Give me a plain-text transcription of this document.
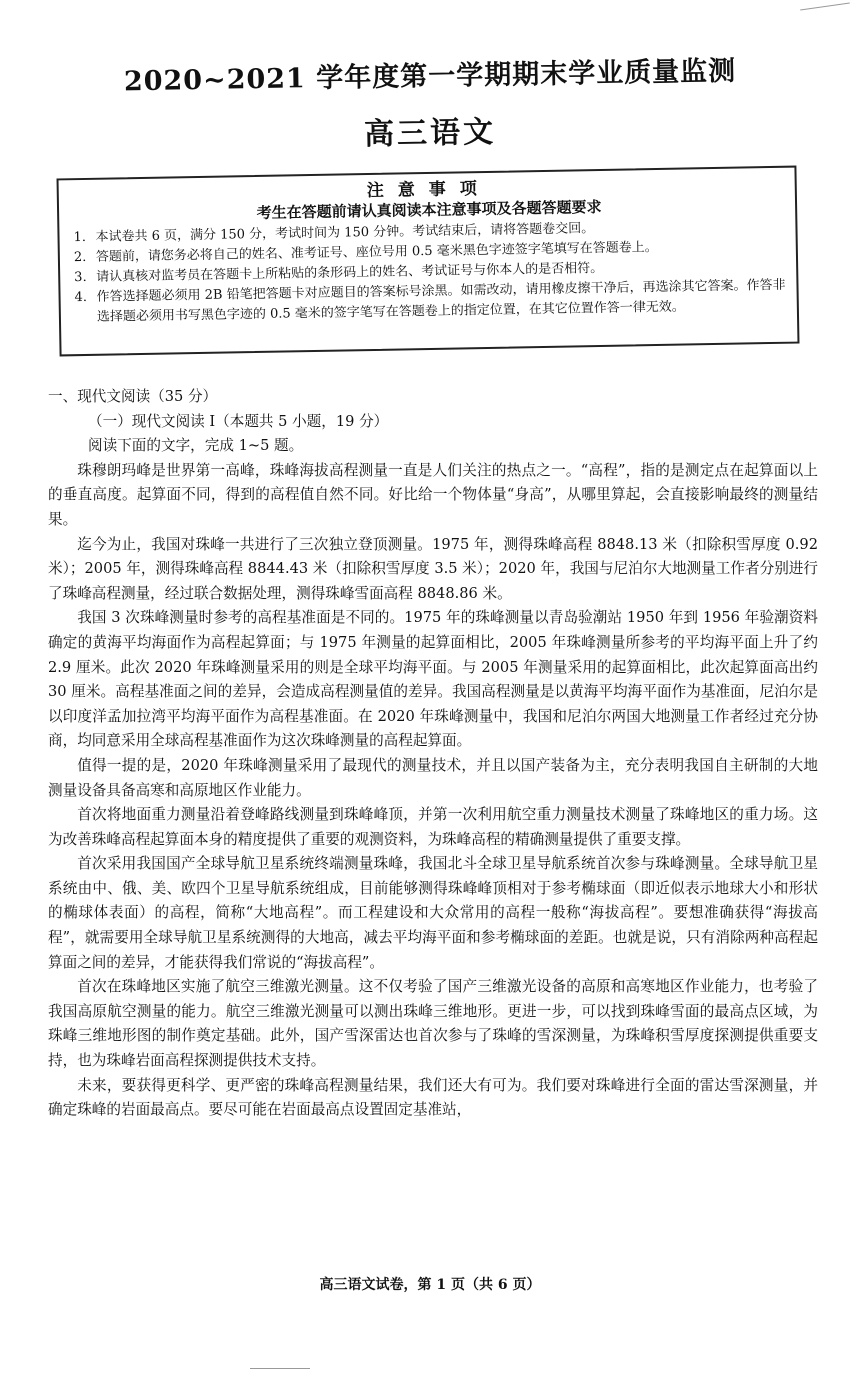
2020~2021 学年度第一学期期末学业质量监测
高三语文

注意事项

考生在答题前请认真阅读本注意事项及各题答题要求

1. 本试卷共 6 页，满分 150 分，考试时间为 150 分钟。考试结束后，请将答题卷交回。
2. 答题前，请您务必将自己的姓名、准考证号、座位号用 0.5 毫米黑色字迹签字笔填写在答题卷上。
3. 请认真核对监考员在答题卡上所粘贴的条形码上的姓名、考试证号与你本人的是否相符。
4. 作答选择题必须用 2B 铅笔把答题卡对应题目的答案标号涂黑。如需改动，请用橡皮擦干净后，再选涂其它答案。作答非选择题必须用书写黑色字迹的 0.5 毫米的签字笔写在答题卷上的指定位置，在其它位置作答一律无效。

一、现代文阅读（35 分）

（一）现代文阅读 I（本题共 5 小题，19 分）

阅读下面的文字，完成 1~5 题。

珠穆朗玛峰是世界第一高峰，珠峰海拔高程测量一直是人们关注的热点之一。“高程”，指的是测定点在起算面以上的垂直高度。起算面不同，得到的高程值自然不同。好比给一个物体量“身高”，从哪里算起，会直接影响最终的测量结果。

迄今为止，我国对珠峰一共进行了三次独立登顶测量。1975 年，测得珠峰高程 8848.13 米（扣除积雪厚度 0.92 米）；2005 年，测得珠峰高程 8844.43 米（扣除积雪厚度 3.5 米）；2020 年，我国与尼泊尔大地测量工作者分别进行了珠峰高程测量，经过联合数据处理，测得珠峰雪面高程 8848.86 米。

我国 3 次珠峰测量时参考的高程基准面是不同的。1975 年的珠峰测量以青岛验潮站 1950 年到 1956 年验潮资料确定的黄海平均海面作为高程起算面；与 1975 年测量的起算面相比，2005 年珠峰测量所参考的平均海平面上升了约 2.9 厘米。此次 2020 年珠峰测量采用的则是全球平均海平面。与 2005 年测量采用的起算面相比，此次起算面高出约 30 厘米。高程基准面之间的差异，会造成高程测量值的差异。我国高程测量是以黄海平均海平面作为基准面，尼泊尔是以印度洋孟加拉湾平均海平面作为高程基准面。在 2020 年珠峰测量中，我国和尼泊尔两国大地测量工作者经过充分协商，均同意采用全球高程基准面作为这次珠峰测量的高程起算面。

值得一提的是，2020 年珠峰测量采用了最现代的测量技术，并且以国产装备为主，充分表明我国自主研制的大地测量设备具备高寒和高原地区作业能力。

首次将地面重力测量沿着登峰路线测量到珠峰峰顶，并第一次利用航空重力测量技术测量了珠峰地区的重力场。这为改善珠峰高程起算面本身的精度提供了重要的观测资料，为珠峰高程的精确测量提供了重要支撑。

首次采用我国国产全球导航卫星系统终端测量珠峰，我国北斗全球卫星导航系统首次参与珠峰测量。全球导航卫星系统由中、俄、美、欧四个卫星导航系统组成，目前能够测得珠峰峰顶相对于参考椭球面（即近似表示地球大小和形状的椭球体表面）的高程，简称“大地高程”。而工程建设和大众常用的高程一般称“海拔高程”。要想准确获得“海拔高程”，就需要用全球导航卫星系统测得的大地高，减去平均海平面和参考椭球面的差距。也就是说，只有消除两种高程起算面之间的差异，才能获得我们常说的“海拔高程”。

首次在珠峰地区实施了航空三维激光测量。这不仅考验了国产三维激光设备的高原和高寒地区作业能力，也考验了我国高原航空测量的能力。航空三维激光测量可以测出珠峰三维地形。更进一步，可以找到珠峰雪面的最高点区域，为珠峰三维地形图的制作奠定基础。此外，国产雪深雷达也首次参与了珠峰的雪深测量，为珠峰积雪厚度探测提供重要支持，也为珠峰岩面高程探测提供技术支持。

未来，要获得更科学、更严密的珠峰高程测量结果，我们还大有可为。我们要对珠峰进行全面的雷达雪深测量，并确定珠峰的岩面最高点。要尽可能在岩面最高点设置固定基准站，

高三语文试卷，第 1 页（共 6 页）
